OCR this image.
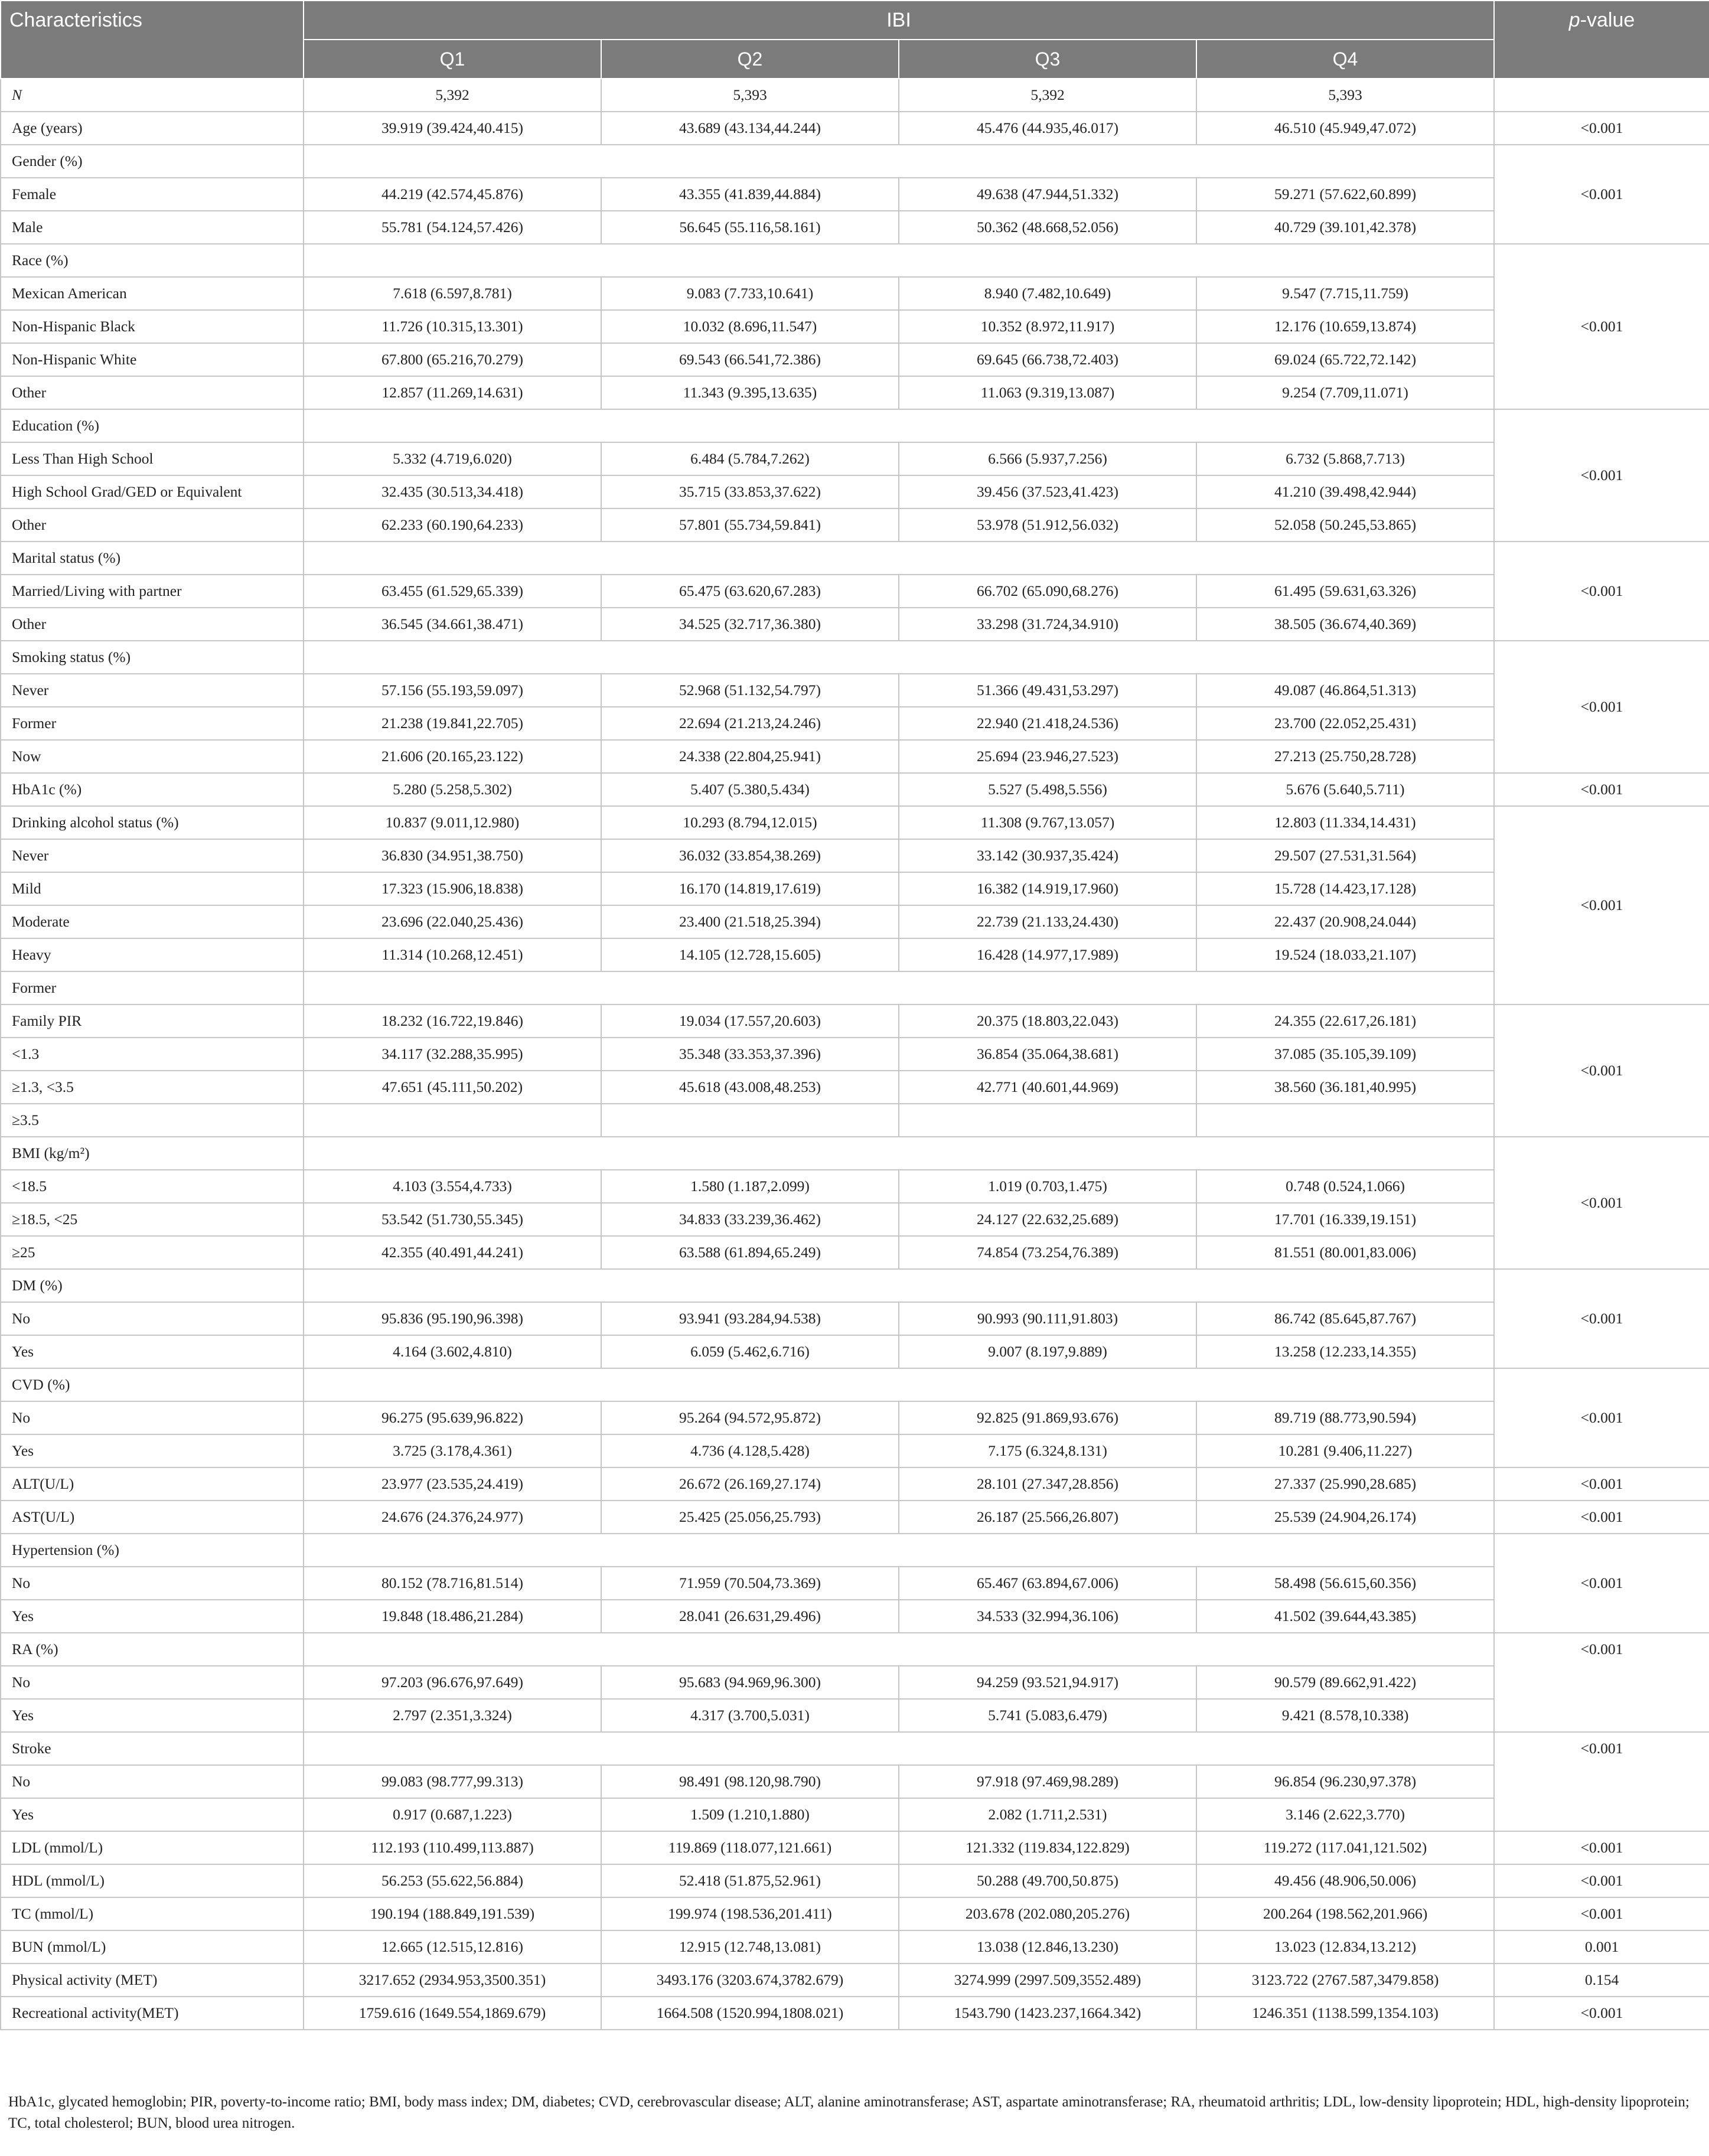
Characteristics	IBI				p-value
	Q1	Q2	Q3	Q4	
N	5,392	5,393	5,392	5,393	
Age (years)	39.919 (39.424,40.415)	43.689 (43.134,44.244)	45.476 (44.935,46.017)	46.510 (45.949,47.072)	<0.001
Gender (%)					<0.001
Female	44.219 (42.574,45.876)	43.355 (41.839,44.884)	49.638 (47.944,51.332)	59.271 (57.622,60.899)	
Male	55.781 (54.124,57.426)	56.645 (55.116,58.161)	50.362 (48.668,52.056)	40.729 (39.101,42.378)	
Race (%)					<0.001
Mexican American	7.618 (6.597,8.781)	9.083 (7.733,10.641)	8.940 (7.482,10.649)	9.547 (7.715,11.759)	
Non-Hispanic Black	11.726 (10.315,13.301)	10.032 (8.696,11.547)	10.352 (8.972,11.917)	12.176 (10.659,13.874)	
Non-Hispanic White	67.800 (65.216,70.279)	69.543 (66.541,72.386)	69.645 (66.738,72.403)	69.024 (65.722,72.142)	
Other	12.857 (11.269,14.631)	11.343 (9.395,13.635)	11.063 (9.319,13.087)	9.254 (7.709,11.071)	
Education (%)					<0.001
Less Than High School	5.332 (4.719,6.020)	6.484 (5.784,7.262)	6.566 (5.937,7.256)	6.732 (5.868,7.713)	
High School Grad/GED or Equivalent	32.435 (30.513,34.418)	35.715 (33.853,37.622)	39.456 (37.523,41.423)	41.210 (39.498,42.944)	
Other	62.233 (60.190,64.233)	57.801 (55.734,59.841)	53.978 (51.912,56.032)	52.058 (50.245,53.865)	
Marital status (%)					<0.001
Married/Living with partner	63.455 (61.529,65.339)	65.475 (63.620,67.283)	66.702 (65.090,68.276)	61.495 (59.631,63.326)	
Other	36.545 (34.661,38.471)	34.525 (32.717,36.380)	33.298 (31.724,34.910)	38.505 (36.674,40.369)	
Smoking status (%)					<0.001
Never	57.156 (55.193,59.097)	52.968 (51.132,54.797)	51.366 (49.431,53.297)	49.087 (46.864,51.313)	
Former	21.238 (19.841,22.705)	22.694 (21.213,24.246)	22.940 (21.418,24.536)	23.700 (22.052,25.431)	
Now	21.606 (20.165,23.122)	24.338 (22.804,25.941)	25.694 (23.946,27.523)	27.213 (25.750,28.728)	
HbA1c (%)	5.280 (5.258,5.302)	5.407 (5.380,5.434)	5.527 (5.498,5.556)	5.676 (5.640,5.711)	<0.001
Drinking alcohol status (%)	10.837 (9.011,12.980)	10.293 (8.794,12.015)	11.308 (9.767,13.057)	12.803 (11.334,14.431)	<0.001
Never	36.830 (34.951,38.750)	36.032 (33.854,38.269)	33.142 (30.937,35.424)	29.507 (27.531,31.564)	
Mild	17.323 (15.906,18.838)	16.170 (14.819,17.619)	16.382 (14.919,17.960)	15.728 (14.423,17.128)	
Moderate	23.696 (22.040,25.436)	23.400 (21.518,25.394)	22.739 (21.133,24.430)	22.437 (20.908,24.044)	
Heavy	11.314 (10.268,12.451)	14.105 (12.728,15.605)	16.428 (14.977,17.989)	19.524 (18.033,21.107)	
Former					
Family PIR	18.232 (16.722,19.846)	19.034 (17.557,20.603)	20.375 (18.803,22.043)	24.355 (22.617,26.181)	<0.001
<1.3	34.117 (32.288,35.995)	35.348 (33.353,37.396)	36.854 (35.064,38.681)	37.085 (35.105,39.109)	
≥1.3, <3.5	47.651 (45.111,50.202)	45.618 (43.008,48.253)	42.771 (40.601,44.969)	38.560 (36.181,40.995)	
≥3.5					
BMI (kg/m²)					<0.001
<18.5	4.103 (3.554,4.733)	1.580 (1.187,2.099)	1.019 (0.703,1.475)	0.748 (0.524,1.066)	
≥18.5, <25	53.542 (51.730,55.345)	34.833 (33.239,36.462)	24.127 (22.632,25.689)	17.701 (16.339,19.151)	
≥25	42.355 (40.491,44.241)	63.588 (61.894,65.249)	74.854 (73.254,76.389)	81.551 (80.001,83.006)	
DM (%)					<0.001
No	95.836 (95.190,96.398)	93.941 (93.284,94.538)	90.993 (90.111,91.803)	86.742 (85.645,87.767)	
Yes	4.164 (3.602,4.810)	6.059 (5.462,6.716)	9.007 (8.197,9.889)	13.258 (12.233,14.355)	
CVD (%)					<0.001
No	96.275 (95.639,96.822)	95.264 (94.572,95.872)	92.825 (91.869,93.676)	89.719 (88.773,90.594)	
Yes	3.725 (3.178,4.361)	4.736 (4.128,5.428)	7.175 (6.324,8.131)	10.281 (9.406,11.227)	
ALT(U/L)	23.977 (23.535,24.419)	26.672 (26.169,27.174)	28.101 (27.347,28.856)	27.337 (25.990,28.685)	<0.001
AST(U/L)	24.676 (24.376,24.977)	25.425 (25.056,25.793)	26.187 (25.566,26.807)	25.539 (24.904,26.174)	<0.001
Hypertension (%)					<0.001
No	80.152 (78.716,81.514)	71.959 (70.504,73.369)	65.467 (63.894,67.006)	58.498 (56.615,60.356)	
Yes	19.848 (18.486,21.284)	28.041 (26.631,29.496)	34.533 (32.994,36.106)	41.502 (39.644,43.385)	
RA (%)					<0.001

No	97.203 (96.676,97.649)	95.683 (94.969,96.300)	94.259 (93.521,94.917)	90.579 (89.662,91.422)	
Yes	2.797 (2.351,3.324)	4.317 (3.700,5.031)	5.741 (5.083,6.479)	9.421 (8.578,10.338)	
Stroke					<0.001

No	99.083 (98.777,99.313)	98.491 (98.120,98.790)	97.918 (97.469,98.289)	96.854 (96.230,97.378)	
Yes	0.917 (0.687,1.223)	1.509 (1.210,1.880)	2.082 (1.711,2.531)	3.146 (2.622,3.770)	
LDL (mmol/L)	112.193 (110.499,113.887)	119.869 (118.077,121.661)	121.332 (119.834,122.829)	119.272 (117.041,121.502)	<0.001
HDL (mmol/L)	56.253 (55.622,56.884)	52.418 (51.875,52.961)	50.288 (49.700,50.875)	49.456 (48.906,50.006)	<0.001
TC (mmol/L)	190.194 (188.849,191.539)	199.974 (198.536,201.411)	203.678 (202.080,205.276)	200.264 (198.562,201.966)	<0.001
BUN (mmol/L)	12.665 (12.515,12.816)	12.915 (12.748,13.081)	13.038 (12.846,13.230)	13.023 (12.834,13.212)	0.001
Physical activity (MET)	3217.652 (2934.953,3500.351)	3493.176 (3203.674,3782.679)	3274.999 (2997.509,3552.489)	3123.722 (2767.587,3479.858)	0.154
Recreational activity(MET)	1759.616 (1649.554,1869.679)	1664.508 (1520.994,1808.021)	1543.790 (1423.237,1664.342)	1246.351 (1138.599,1354.103)	<0.001
HbA1c, glycated hemoglobin; PIR, poverty-to-income ratio; BMI, body mass index; DM, diabetes; CVD, cerebrovascular disease; ALT, alanine aminotransferase; AST, aspartate aminotransferase; RA, rheumatoid arthritis; LDL, low-density lipoprotein; HDL, high-density lipoprotein; TC, total cholesterol; BUN, blood urea nitrogen.
